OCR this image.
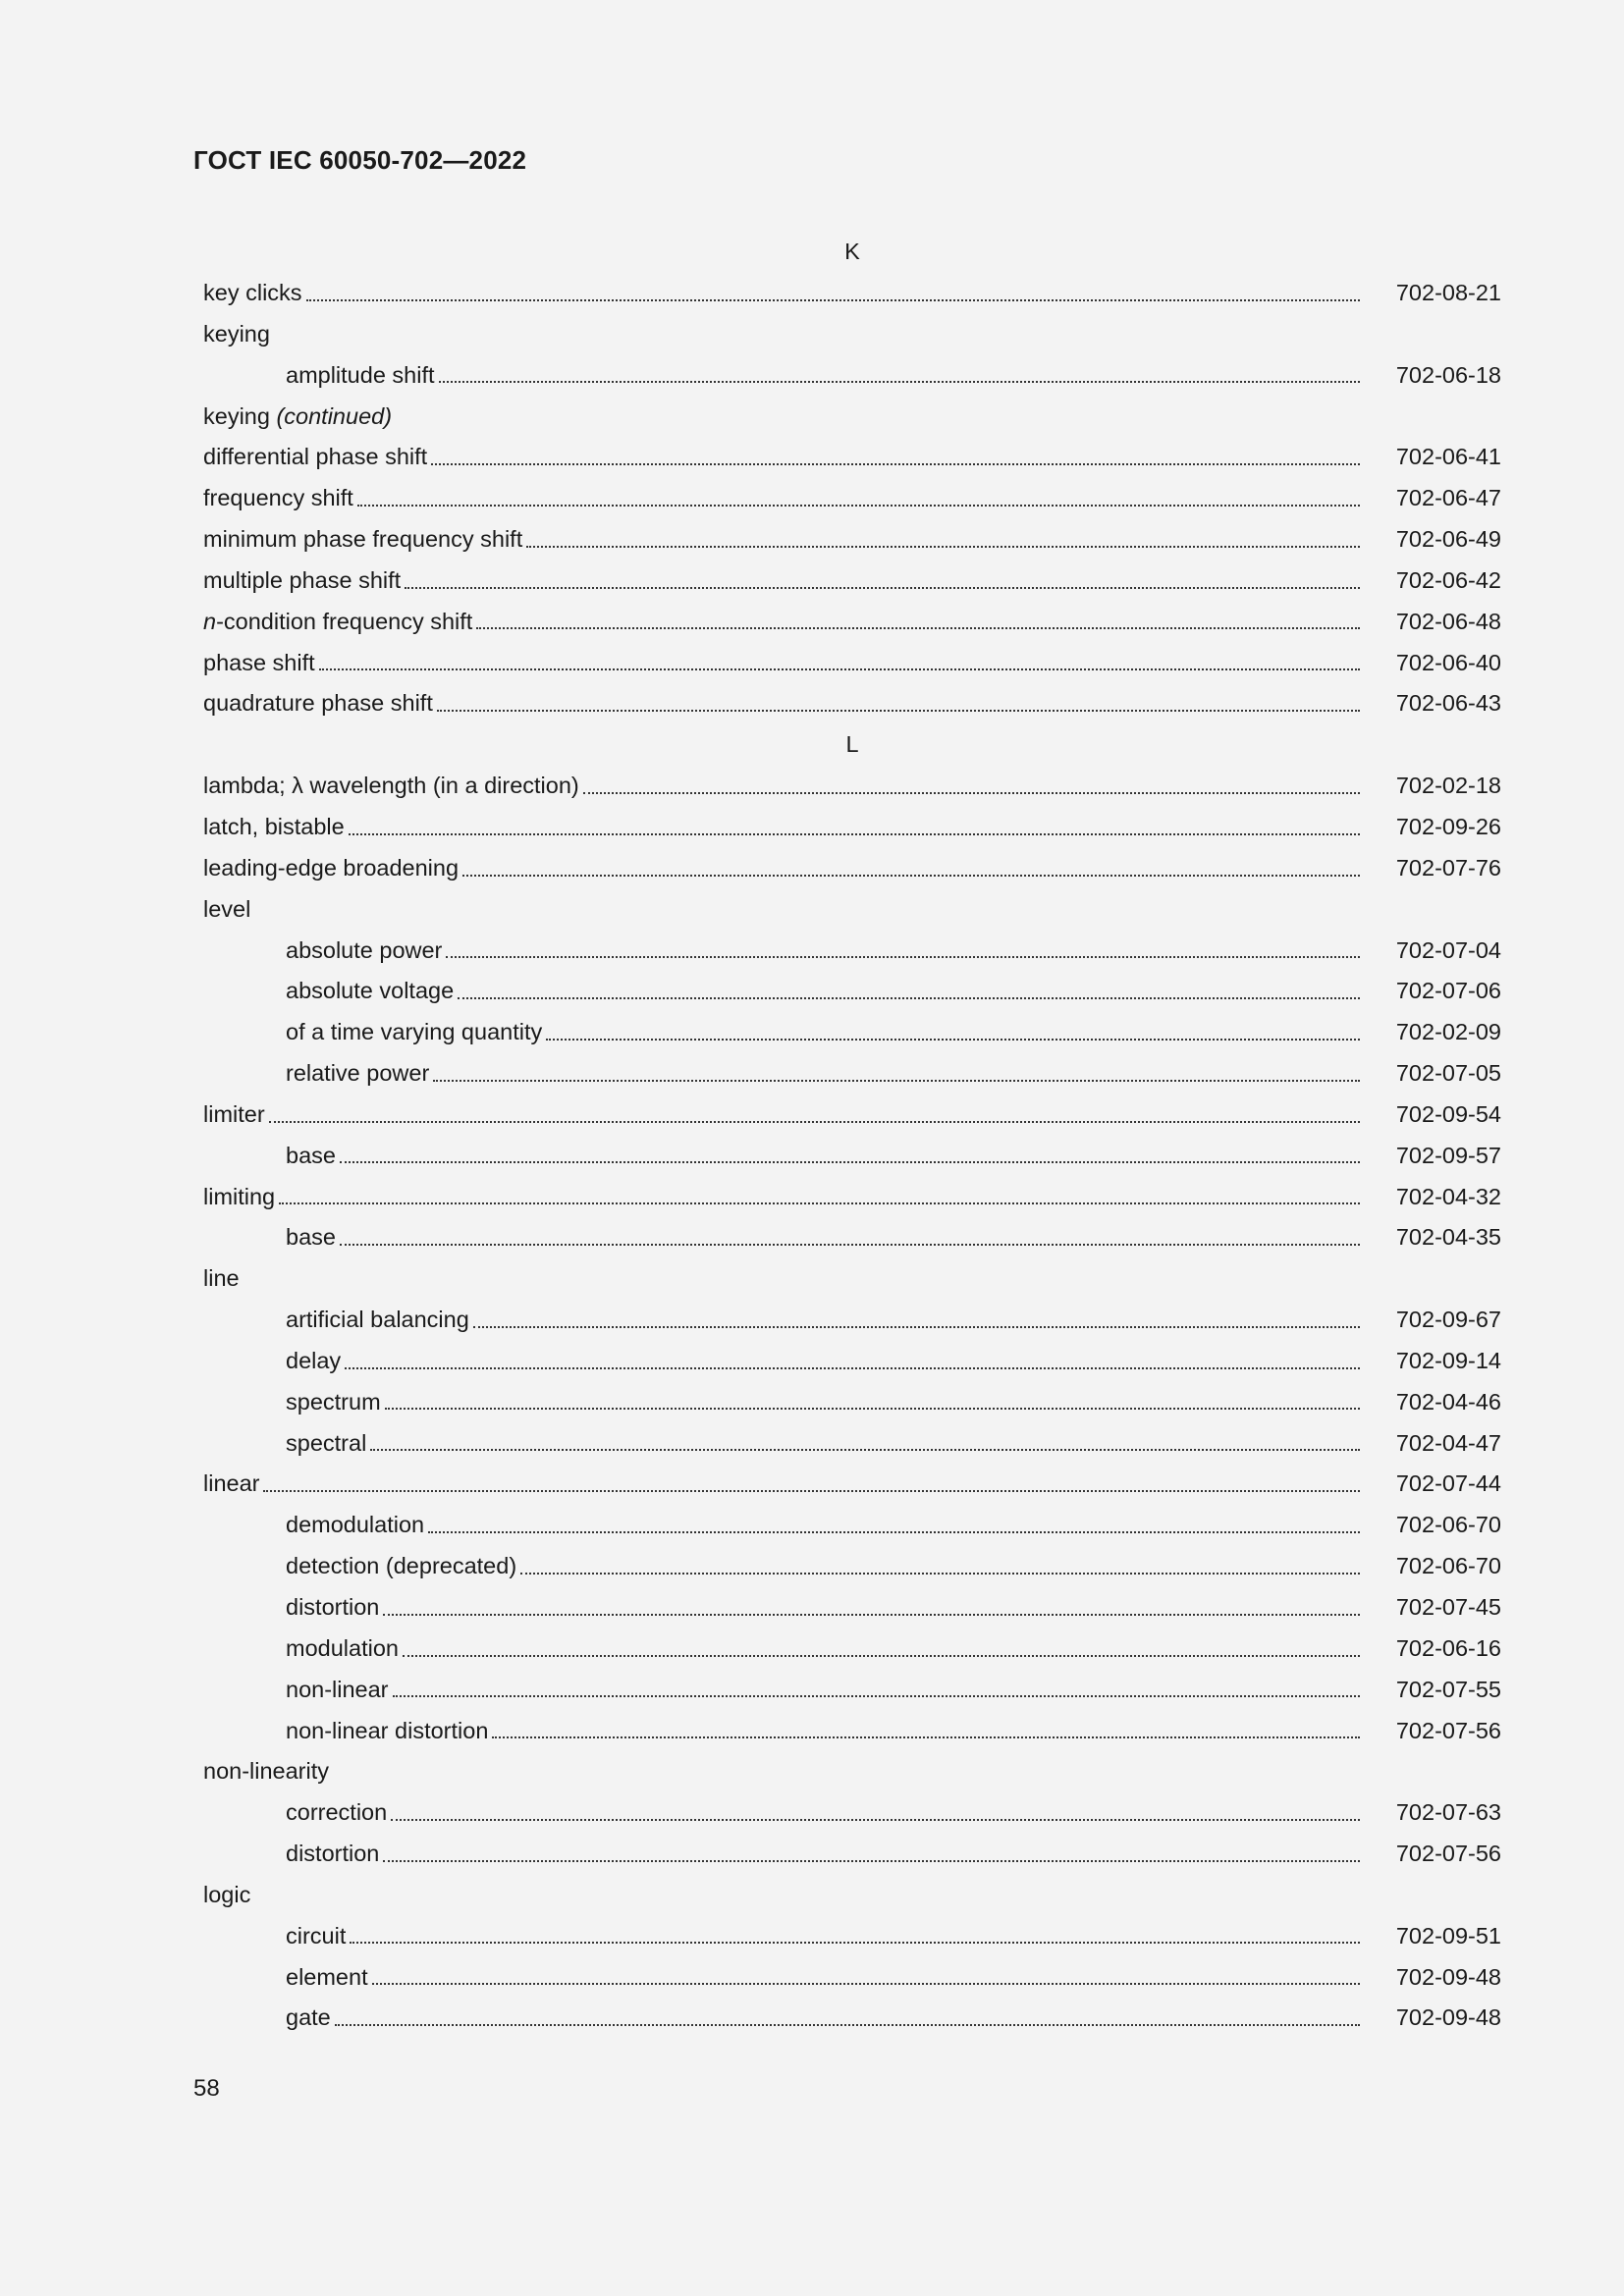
ГОСТ IEC 60050-702—2022
K
key clicks	702-08-21
keying
amplitude shift	702-06-18
keying (continued)
differential phase shift	702-06-41
frequency shift	702-06-47
minimum phase frequency shift	702-06-49
multiple phase shift	702-06-42
n-condition frequency shift	702-06-48
phase shift	702-06-40
quadrature phase shift	702-06-43
L
lambda; λ wavelength (in a direction)	702-02-18
latch, bistable	702-09-26
leading-edge broadening	702-07-76
level
absolute power	702-07-04
absolute voltage	702-07-06
of a time varying quantity	702-02-09
relative power	702-07-05
limiter	702-09-54
base	702-09-57
limiting	702-04-32
base	702-04-35
line
artificial balancing	702-09-67
delay	702-09-14
spectrum	702-04-46
spectral	702-04-47
linear	702-07-44
demodulation	702-06-70
detection (deprecated)	702-06-70
distortion	702-07-45
modulation	702-06-16
non-linear	702-07-55
non-linear distortion	702-07-56
non-linearity
correction	702-07-63
distortion	702-07-56
logic
circuit	702-09-51
element	702-09-48
gate	702-09-48
58
